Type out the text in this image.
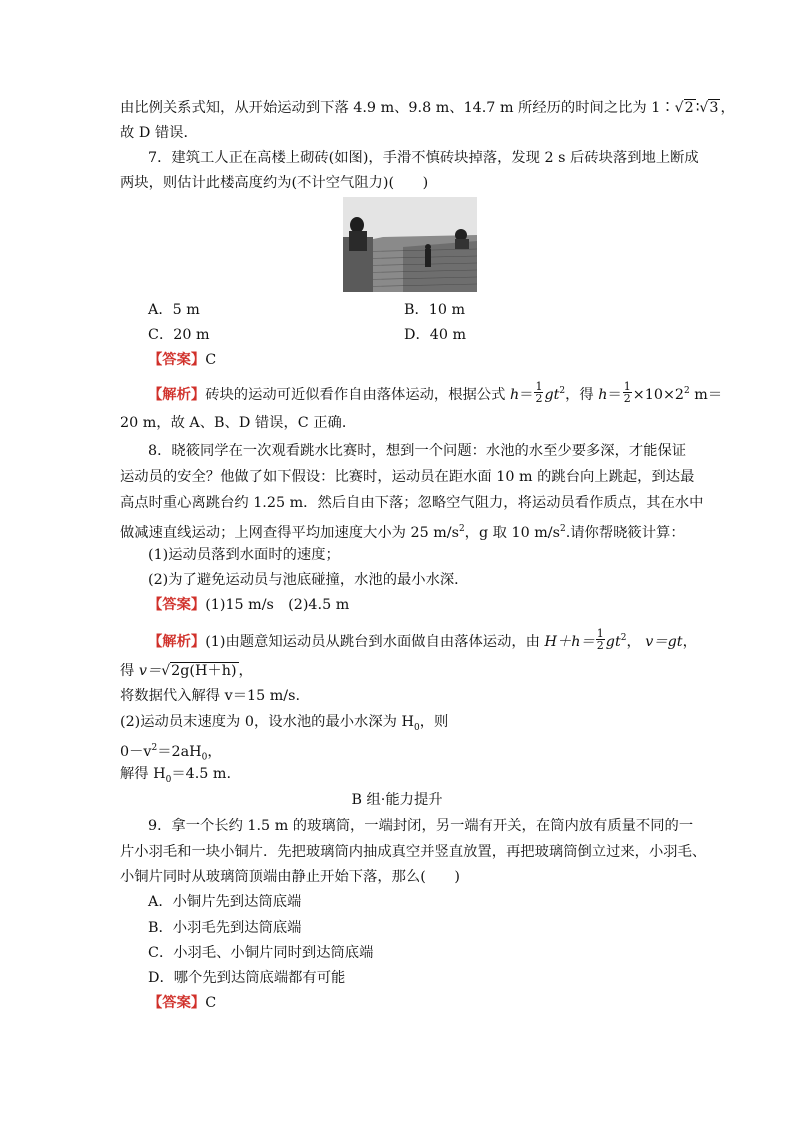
由比例关系式知，从开始运动到下落 4.9 m、9.8 m、14.7 m 所经历的时间之比为 1∶√2 ∶√3 ，
故 D 错误．
7．建筑工人正在高楼上砌砖(如图)，手滑不慎砖块掉落，发现 2 s 后砖块落到地上断成
两块，则估计此楼高度约为(不计空气阻力)(　　)
A．5 m	B．10 m
C．20 m	D．40 m
【答案】C
【解析】砖块的运动可近似看作自由落体运动，根据公式 $h= \frac{1}{2} gt^2$，得 $h= \frac{1}{2} \times 10\times 2^2$ m＝
20 m，故 A、B、D 错误，C 正确．
8．晓筱同学在一次观看跳水比赛时，想到一个问题：水池的水至少要多深，才能保证
运动员的安全？他做了如下假设：比赛时，运动员在距水面 10 m 的跳台向上跳起，到达最
高点时重心离跳台约 1.25 m．然后自由下落；忽略空气阻力，将运动员看作质点，其在水中
做减速直线运动；上网查得平均加速度大小为 25 $m/s^2$，g 取 10 $m/s^2$.请你帮晓筱计算：
(1)运动员落到水面时的速度；
(2)为了避免运动员与池底碰撞，水池的最小水深．
【答案】(1)15 m/s　(2)4.5 m
【解析】(1)由题意知运动员从跳台到水面做自由落体运动，由 $H+h= \frac{1}{2} gt^2$， v＝gt，
得 v＝√2g(H＋h) ，
将数据代入解得 v＝15 m/s.
(2)运动员末速度为 0，设水池的最小水深为 $H_0$，则
$0-v^2=2aH_0$，
解得 $H_0=4.5$ m.
B 组·能力提升
9．拿一个长约 1.5 m 的玻璃筒，一端封闭，另一端有开关，在筒内放有质量不同的一
片小羽毛和一块小铜片．先把玻璃筒内抽成真空并竖直放置，再把玻璃筒倒立过来，小羽毛、
小铜片同时从玻璃筒顶端由静止开始下落，那么(　　)
A．小铜片先到达筒底端
B．小羽毛先到达筒底端
C．小羽毛、小铜片同时到达筒底端
D．哪个先到达筒底端都有可能
【答案】C
